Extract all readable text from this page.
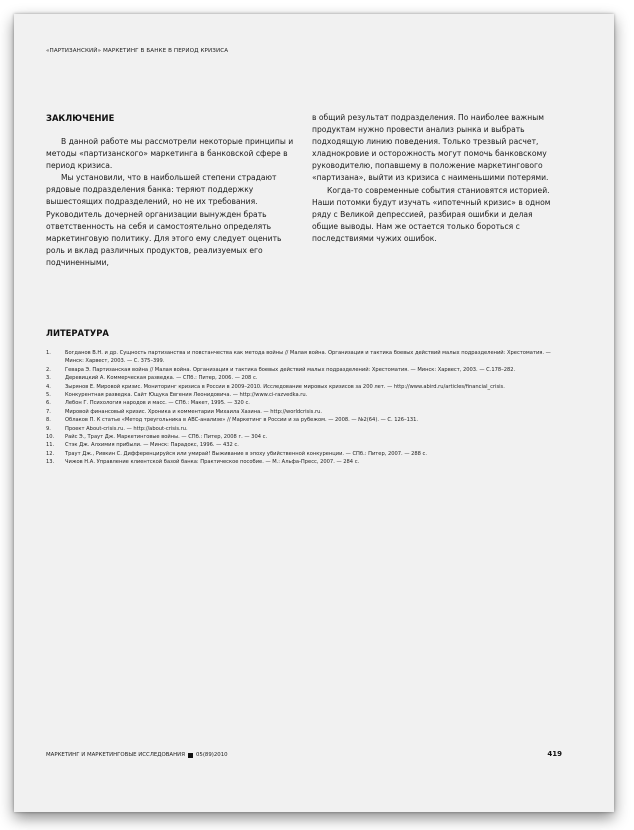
«ПАРТИЗАНСКИЙ» МАРКЕТИНГ В БАНКЕ В ПЕРИОД КРИЗИСА
ЗАКЛЮЧЕНИЕ

В данной работе мы рассмотрели некоторые принципы и методы «партизанского» маркетинга в банковской сфере в период кризиса.

Мы установили, что в наибольшей степени страдают рядовые подразделения банка: теряют поддержку вышестоящих подразделений, но не их требования. Руководитель дочерней организации вынужден брать ответственность на себя и самостоятельно определять маркетинговую политику. Для этого ему следует оценить роль и вклад различных продуктов, реализуемых его подчиненными,

в общий результат подразделения. По наиболее важным продуктам нужно провести анализ рынка и выбрать подходящую линию поведения. Только трезвый расчет, хладнокровие и осторожность могут помочь банковскому руководителю, попавшему в положение маркетингового «партизана», выйти из кризиса с наименьшими потерями.

Когда-то современные события станиовятся историей. Наши потомки будут изучать «ипотечный кризис» в одном ряду с Великой депрессией, разбирая ошибки и делая общие выводы. Нам же остается только бороться с последствиями чужих ошибок.

ЛИТЕРАТУРА
1.	Богданов В.Н. и др. Сущность партизанства и повстанчества как метода войны // Малая война. Организация и тактика боевых действий малых подразделений: Хрестоматия. — Минск: Харвест, 2003. — С. 375–399.
2.	Гевара Э. Партизанская война // Малая война. Организация и тактика боевых действий малых подразделений: Хрестоматия. — Минск: Харвест, 2003. — С.178–282.
3.	Деревицкий А. Коммерческая разведка. — СПб.: Питер, 2006. — 208 с.
4.	Зырянов Е. Мировой кризис. Мониторинг кризиса в России в 2009–2010. Исследование мировых кризисов за 200 лет. — http://www.abird.ru/articles/financial_crisis.
5.	Конкурентная разведка. Сайт Ющука Евгения Леонидовича. — http://www.ci-razvedka.ru.
6.	Лебон Г. Психология народов и масс. — СПб.: Макет, 1995. — 320 с.
7.	Мировой финансовый кризис. Хроника и комментарии Михаила Хазина. — http://worldcrisis.ru.
8.	Облаков П. К статье «Метод треугольника в ABC-анализе» // Маркетинг в России и за рубежом. — 2008. — №2(64). — С. 126–131.
9.	Проект About-crisis.ru. — http://about-crisis.ru.
10. Райс Э., Траут Дж. Маркетинговые войны. — СПб.: Питер, 2008 г. — 304 с.
11. Стэк Дж. Алхимия прибыли. — Минск: Парадокс, 1996. — 432 с.
12. Траут Дж., Ривкин С. Дифференцируйся или умирай! Выживание в эпоху убийственной конкуренции. — СПб.: Питер, 2007. — 288 с.
13. Чижов Н.А. Управление клиентской базой банка: Практическое пособие. — М.: Альфа-Пресс, 2007. — 284 с.
МАРКЕТИНГ И МАРКЕТИНГОВЫЕ ИССЛЕДОВАНИЯ 05(89)2010	419
